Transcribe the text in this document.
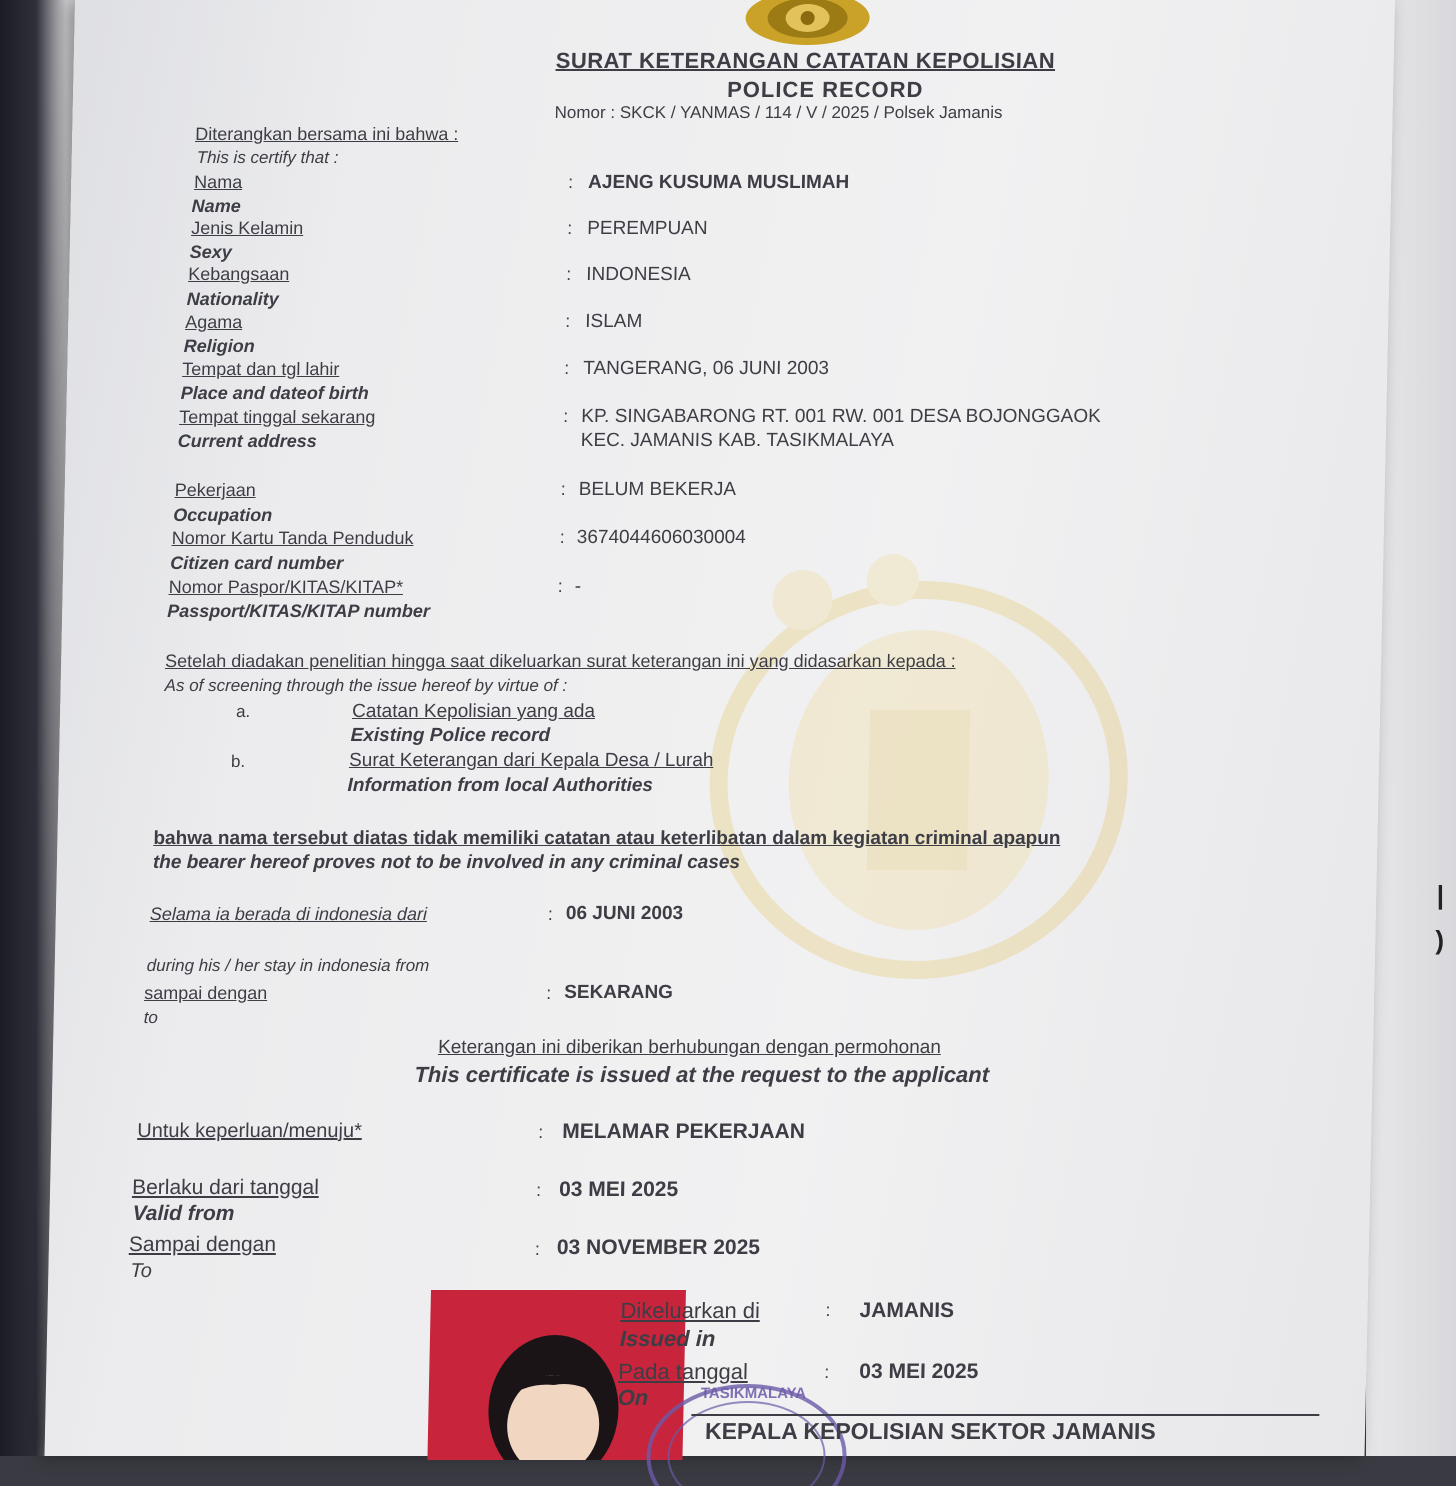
SURAT KETERANGAN CATATAN KEPOLISIAN
POLICE RECORD
Nomor : SKCK / YANMAS / 114 / V / 2025 / Polsek Jamanis
Diterangkan bersama ini bahwa :
This is certify that :
Nama
Name
: AJENG KUSUMA MUSLIMAH
Jenis Kelamin
Sexy
: PEREMPUAN
Kebangsaan
Nationality
: INDONESIA
Agama
Religion
: ISLAM
Tempat dan tgl lahir
Place and dateof birth
: TANGERANG, 06 JUNI 2003
Tempat tinggal sekarang
Current address
: KP. SINGABARONG RT. 001 RW. 001 DESA BOJONGGAOK
KEC. JAMANIS KAB. TASIKMALAYA
Pekerjaan
Occupation
: BELUM BEKERJA
Nomor Kartu Tanda Penduduk
Citizen card number
: 3674044606030004
Nomor Paspor/KITAS/KITAP*
Passport/KITAS/KITAP number
: -
Setelah diadakan penelitian hingga saat dikeluarkan surat keterangan ini yang didasarkan kepada :
As of screening through the issue hereof by virtue of :
a.	Catatan Kepolisian yang ada
Existing Police record
b.	Surat Keterangan dari Kepala Desa / Lurah
Information from local Authorities
bahwa nama tersebut diatas tidak memiliki catatan atau keterlibatan dalam kegiatan criminal apapun
the bearer hereof proves not to be involved in any criminal cases
Selama ia berada di indonesia dari	: 06 JUNI 2003
during his / her stay in indonesia from
sampai dengan
to
: SEKARANG
Keterangan ini diberikan berhubungan dengan permohonan
This certificate is issued at the request to the applicant
Untuk keperluan/menuju*	: MELAMAR PEKERJAAN
Berlaku dari tanggal
Valid from
: 03 MEI 2025
Sampai dengan
To
: 03 NOVEMBER 2025
Dikeluarkan di
Issued in
: JAMANIS
Pada tanggal
On
: 03 MEI 2025
TASIKMALAYA
KEPALA KEPOLISIAN SEKTOR JAMANIS
|
)
